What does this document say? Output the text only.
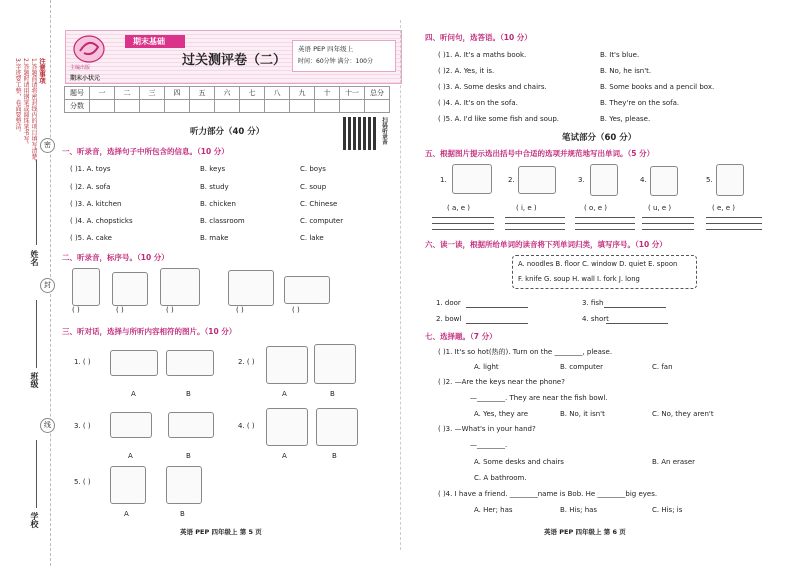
注意事项
1.答题前请将密封线内的项目填写清楚。
2.答题时请用钢笔或圆珠笔书写。
3.字迹要工整，卷面要整洁。
密
封
线
姓名
班级
学校
主编出版
期末小状元
期末基础
过关测评卷（二）
英语 PEP 四年级上
时间：60分钟 满分：100分
题号	一	二	三	四	五	六	七	八	九	十	十一	总分
分数												
扫码听录音
听力部分（40 分）
一、听录音，选择句子中所包含的信息。（10 分）
( )1. A. toys	B. keys	C. boys
( )2. A. sofa	B. study	C. soup
( )3. A. kitchen	B. chicken	C. Chinese
( )4. A. chopsticks	B. classroom	C. computer
( )5. A. cake	B. make	C. lake
二、听录音，标序号。（10 分）
( )	( )	( )	( )	( )
三、听对话，选择与所听内容相符的图片。（10 分）
1. ( )
A	B
2. ( )
A	B
3. ( )
A	B
4. ( )
A	B
5. ( )
A	B
英语 PEP 四年级上 第 5 页
四、听问句，选答语。（10 分）
( )1. A. It's a maths book.	B. It's blue.
( )2. A. Yes, it is.	B. No, he isn't.
( )3. A. Some desks and chairs.	B. Some books and a pencil box.
( )4. A. It's on the sofa.	B. They're on the sofa.
( )5. A. I'd like some fish and soup.	B. Yes, please.
笔试部分（60 分）
五、根据图片提示选出括号中合适的选项并规范地写出单词。（5 分）
1.
( a, e )
2.
( i, e )
3.
( o, e )
4.
( u, e )
5.
( e, e )
六、读一读，根据所给单词的读音将下列单词归类，填写序号。（10 分）
A. noodles B. floor C. window D. quiet E. spoon
F. knife G. soup H. wall I. fork J. long
1. door	3. fish
2. bowl	4. short
七、选择题。（7 分）
( )1. It's so hot(热的). Turn on the ________, please.
A. light	B. computer	C. fan
( )2. —Are the keys near the phone?
—________. They are near the fish bowl.
A. Yes, they are	B. No, it isn't	C. No, they aren't
( )3. —What's in your hand?
—________.
A. Some desks and chairs	B. An eraser
C. A bathroom.
( )4. I have a friend. ________name is Bob. He ________big eyes.
A. Her; has	B. His; has	C. His; is
英语 PEP 四年级上 第 6 页
